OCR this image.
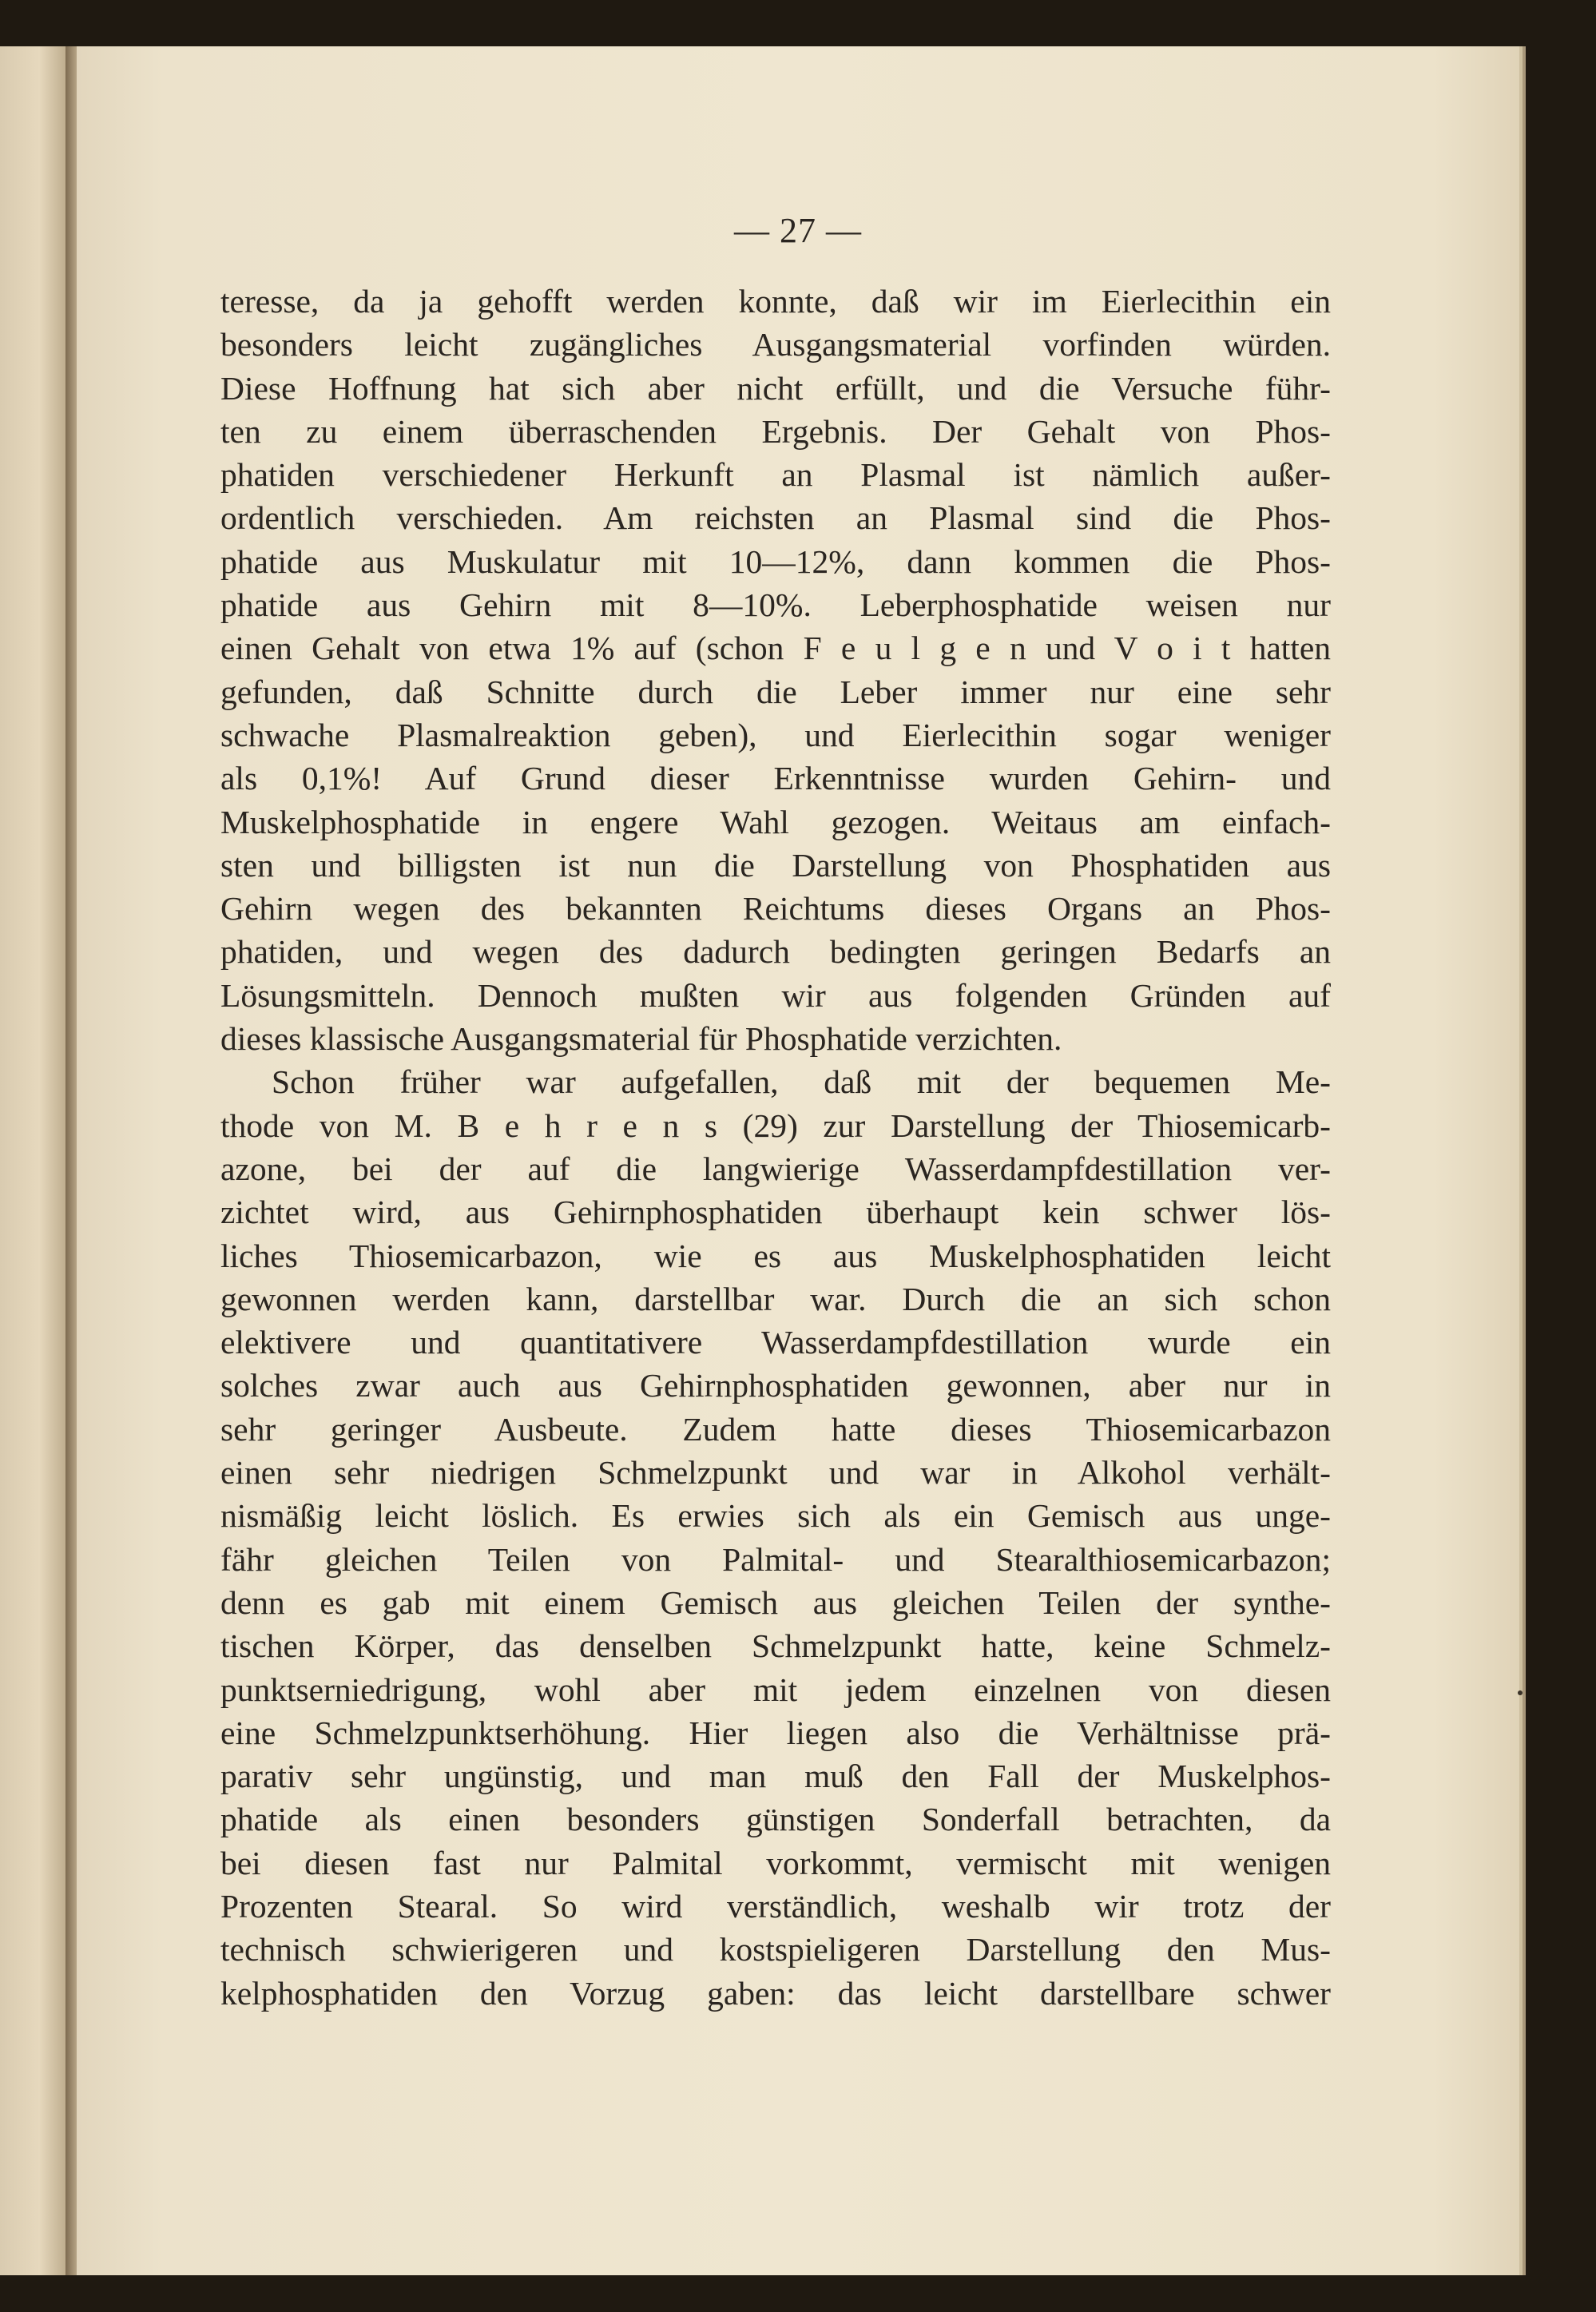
— 27 —
teresse, da ja gehofft werden konnte, daß wir im Eierlecithin ein
besonders leicht zugängliches Ausgangsmaterial vorfinden würden.
Diese Hoffnung hat sich aber nicht erfüllt, und die Versuche führ-
ten zu einem überraschenden Ergebnis. Der Gehalt von Phos-
phatiden verschiedener Herkunft an Plasmal ist nämlich außer-
ordentlich verschieden. Am reichsten an Plasmal sind die Phos-
phatide aus Muskulatur mit 10—12%, dann kommen die Phos-
phatide aus Gehirn mit 8—10%. Leberphosphatide weisen nur
einen Gehalt von etwa 1% auf (schon F e u l g e n und V o i t hatten
gefunden, daß Schnitte durch die Leber immer nur eine sehr
schwache Plasmalreaktion geben), und Eierlecithin sogar weniger
als 0,1%! Auf Grund dieser Erkenntnisse wurden Gehirn- und
Muskelphosphatide in engere Wahl gezogen. Weitaus am einfach-
sten und billigsten ist nun die Darstellung von Phosphatiden aus
Gehirn wegen des bekannten Reichtums dieses Organs an Phos-
phatiden, und wegen des dadurch bedingten geringen Bedarfs an
Lösungsmitteln. Dennoch mußten wir aus folgenden Gründen auf
dieses klassische Ausgangsmaterial für Phosphatide verzichten.
Schon früher war aufgefallen, daß mit der bequemen Me-
thode von M. B e h r e n s (29) zur Darstellung der Thiosemicarb-
azone, bei der auf die langwierige Wasserdampfdestillation ver-
zichtet wird, aus Gehirnphosphatiden überhaupt kein schwer lös-
liches Thiosemicarbazon, wie es aus Muskelphosphatiden leicht
gewonnen werden kann, darstellbar war. Durch die an sich schon
elektivere und quantitativere Wasserdampfdestillation wurde ein
solches zwar auch aus Gehirnphosphatiden gewonnen, aber nur in
sehr geringer Ausbeute. Zudem hatte dieses Thiosemicarbazon
einen sehr niedrigen Schmelzpunkt und war in Alkohol verhält-
nismäßig leicht löslich. Es erwies sich als ein Gemisch aus unge-
fähr gleichen Teilen von Palmital- und Stearalthiosemicarbazon;
denn es gab mit einem Gemisch aus gleichen Teilen der synthe-
tischen Körper, das denselben Schmelzpunkt hatte, keine Schmelz-
punktserniedrigung, wohl aber mit jedem einzelnen von diesen
eine Schmelzpunktserhöhung. Hier liegen also die Verhältnisse prä-
parativ sehr ungünstig, und man muß den Fall der Muskelphos-
phatide als einen besonders günstigen Sonderfall betrachten, da
bei diesen fast nur Palmital vorkommt, vermischt mit wenigen
Prozenten Stearal. So wird verständlich, weshalb wir trotz der
technisch schwierigeren und kostspieligeren Darstellung den Mus-
kelphosphatiden den Vorzug gaben: das leicht darstellbare schwer
